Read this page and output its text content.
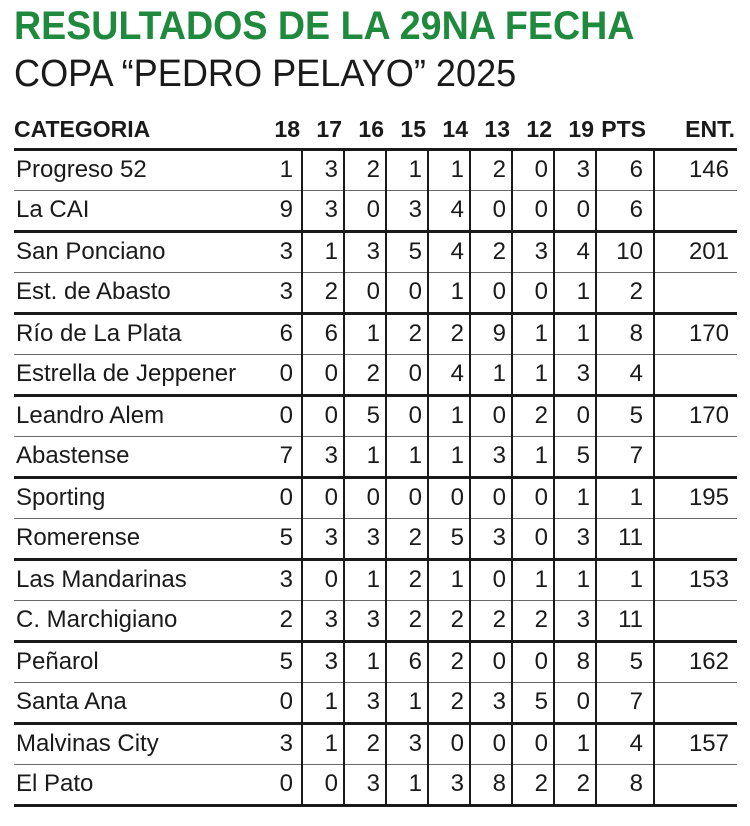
RESULTADOS DE LA 29NA FECHA
COPA “PEDRO PELAYO” 2025
CATEGORIA	18	17	16	15	14	13	12	19	PTS	ENT.
Progreso 52	1	3	2	1	1	2	0	3	6	146
La CAI	9	3	0	3	4	0	0	0	6	
San Ponciano	3	1	3	5	4	2	3	4	10	201
Est. de Abasto	3	2	0	0	1	0	0	1	2	
Río de La Plata	6	6	1	2	2	9	1	1	8	170
Estrella de Jeppener	0	0	2	0	4	1	1	3	4	
Leandro Alem	0	0	5	0	1	0	2	0	5	170
Abastense	7	3	1	1	1	3	1	5	7	
Sporting	0	0	0	0	0	0	0	1	1	195
Romerense	5	3	3	2	5	3	0	3	11	
Las Mandarinas	3	0	1	2	1	0	1	1	1	153
C. Marchigiano	2	3	3	2	2	2	2	3	11	
Peñarol	5	3	1	6	2	0	0	8	5	162
Santa Ana	0	1	3	1	2	3	5	0	7	
Malvinas City	3	1	2	3	0	0	0	1	4	157
El Pato	0	0	3	1	3	8	2	2	8	
